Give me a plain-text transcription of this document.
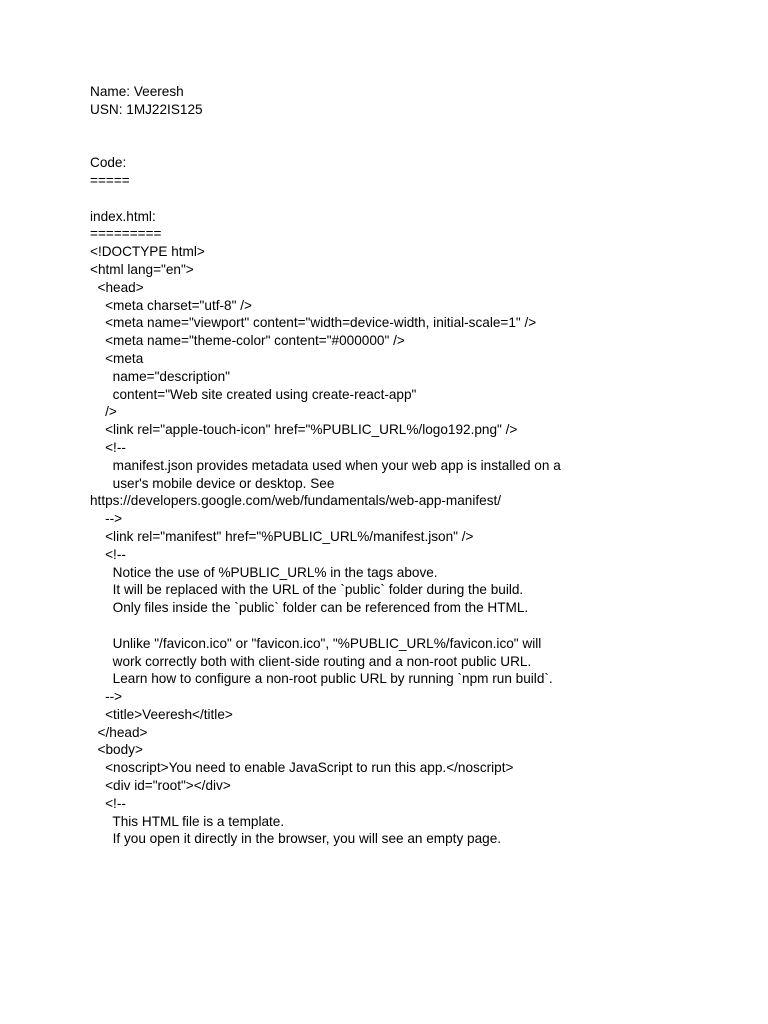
Name: Veeresh
USN: 1MJ22IS125
Code:
=====
index.html:
=========
<!DOCTYPE html>
<html lang="en">
<head>
<meta charset="utf-8" />
<meta name="viewport" content="width=device-width, initial-scale=1" />
<meta name="theme-color" content="#000000" />
<meta
name="description"
content="Web site created using create-react-app"
/>
<link rel="apple-touch-icon" href="%PUBLIC_URL%/logo192.png" />
<!--
manifest.json provides metadata used when your web app is installed on a
user's mobile device or desktop. See
https://developers.google.com/web/fundamentals/web-app-manifest/
-->
<link rel="manifest" href="%PUBLIC_URL%/manifest.json" />
<!--
Notice the use of %PUBLIC_URL% in the tags above.
It will be replaced with the URL of the `public` folder during the build.
Only files inside the `public` folder can be referenced from the HTML.
Unlike "/favicon.ico" or "favicon.ico", "%PUBLIC_URL%/favicon.ico" will
work correctly both with client-side routing and a non-root public URL.
Learn how to configure a non-root public URL by running `npm run build`.
-->
<title>Veeresh</title>
</head>
<body>
<noscript>You need to enable JavaScript to run this app.</noscript>
<div id="root"></div>
<!--
This HTML file is a template.
If you open it directly in the browser, you will see an empty page.
